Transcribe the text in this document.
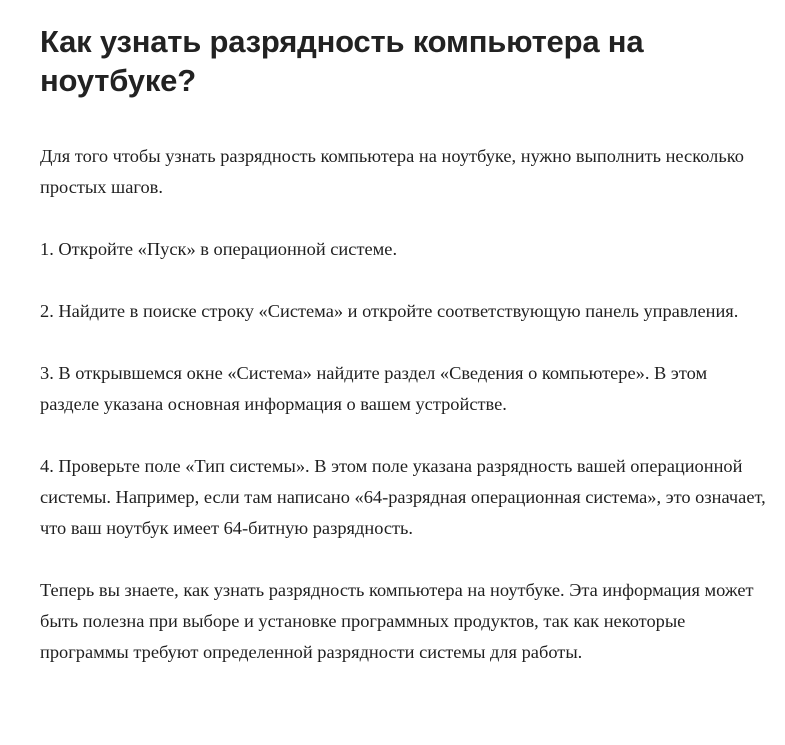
Как узнать разрядность компьютера на ноутбуке?

Для того чтобы узнать разрядность компьютера на ноутбуке, нужно выполнить несколько простых шагов.

1. Откройте «Пуск» в операционной системе.

2. Найдите в поиске строку «Система» и откройте соответствующую панель управления.

3. В открывшемся окне «Система» найдите раздел «Сведения о компьютере». В этом разделе указана основная информация о вашем устройстве.

4. Проверьте поле «Тип системы». В этом поле указана разрядность вашей операционной системы. Например, если там написано «64-разрядная операционная система», это означает, что ваш ноутбук имеет 64-битную разрядность.

Теперь вы знаете, как узнать разрядность компьютера на ноутбуке. Эта информация может быть полезна при выборе и установке программных продуктов, так как некоторые программы требуют определенной разрядности системы для работы.
